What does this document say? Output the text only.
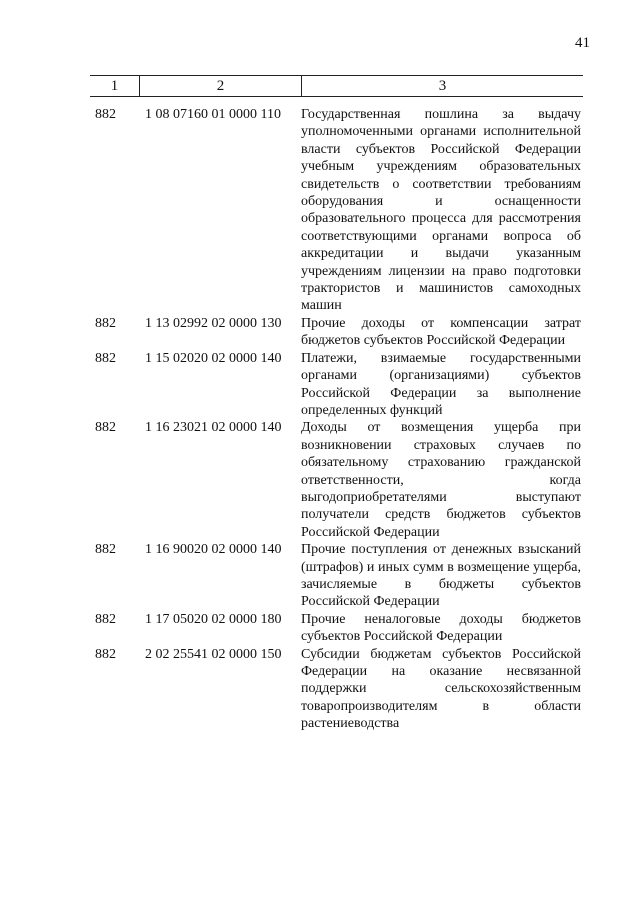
41
1	2	3
882	1 08 07160 01 0000 110	Государственная пошлина за выдачу уполномоченными органами исполнительной власти субъектов Российской Федерации учебным учреждениям образовательных свидетельств о соответствии требованиям оборудования и оснащенности образовательного процесса для рассмотрения соответствующими органами вопроса об аккредитации и выдачи указанным учреждениям лицензии на право подготовки трактористов и машинистов самоходных машин
882	1 13 02992 02 0000 130	Прочие доходы от компенсации затрат бюджетов субъектов Российской Федерации
882	1 15 02020 02 0000 140	Платежи, взимаемые государственными органами (организациями) субъектов Российской Федерации за выполнение определенных функций
882	1 16 23021 02 0000 140	Доходы от возмещения ущерба при возникновении страховых случаев по обязательному страхованию гражданской ответственности, когда выгодоприобретателями выступают получатели средств бюджетов субъектов Российской Федерации
882	1 16 90020 02 0000 140	Прочие поступления от денежных взысканий (штрафов) и иных сумм в возмещение ущерба, зачисляемые в бюджеты субъектов Российской Федерации
882	1 17 05020 02 0000 180	Прочие неналоговые доходы бюджетов субъектов Российской Федерации
882	2 02 25541 02 0000 150	Субсидии бюджетам субъектов Российской Федерации на оказание несвязанной поддержки сельскохозяйственным товаропроизводителям в области растениеводства
